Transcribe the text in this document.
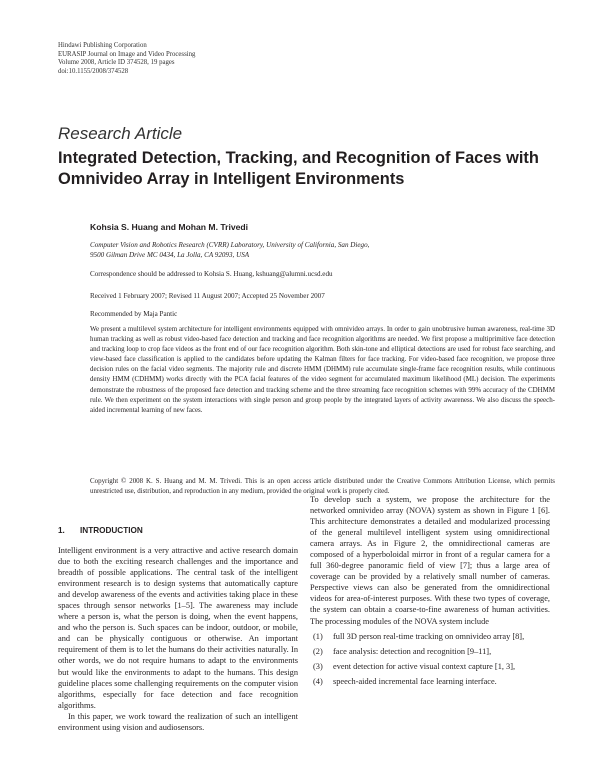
Hindawi Publishing Corporation
EURASIP Journal on Image and Video Processing
Volume 2008, Article ID 374528, 19 pages
doi:10.1155/2008/374528
Research Article
Integrated Detection, Tracking, and Recognition of Faces with
Omnivideo Array in Intelligent Environments
Kohsia S. Huang and Mohan M. Trivedi
Computer Vision and Robotics Research (CVRR) Laboratory, University of California, San Diego,
9500 Gilman Drive MC 0434, La Jolla, CA 92093, USA
Correspondence should be addressed to Kohsia S. Huang, kshuang@alumni.ucsd.edu
Received 1 February 2007; Revised 11 August 2007; Accepted 25 November 2007
Recommended by Maja Pantic

We present a multilevel system architecture for intelligent environments equipped with omnivideo arrays. In order to gain unobtrusive human awareness, real-time 3D human tracking as well as robust video-based face detection and tracking and face recognition algorithms are needed. We first propose a multiprimitive face detection and tracking loop to crop face videos as the front end of our face recognition algorithm. Both skin-tone and elliptical detections are used for robust face searching, and view-based face classification is applied to the candidates before updating the Kalman filters for face tracking. For video-based face recognition, we propose three decision rules on the facial video segments. The majority rule and discrete HMM (DHMM) rule accumulate single-frame face recognition results, while continuous density HMM (CDHMM) works directly with the PCA facial features of the video segment for accumulated maximum likelihood (ML) decision. The experiments demonstrate the robustness of the proposed face detection and tracking scheme and the three streaming face recognition schemes with 99% accuracy of the CDHMM rule. We then experiment on the system interactions with single person and group people by the integrated layers of activity awareness. We also discuss the speech-aided incremental learning of new faces.

Copyright © 2008 K. S. Huang and M. M. Trivedi. This is an open access article distributed under the Creative Commons Attribution License, which permits unrestricted use, distribution, and reproduction in any medium, provided the original work is properly cited.

1. INTRODUCTION

Intelligent environment is a very attractive and active research domain due to both the exciting research challenges and the importance and breadth of possible applications. The central task of the intelligent environment research is to design systems that automatically capture and develop awareness of the events and activities taking place in these spaces through sensor networks [1–5]. The awareness may include where a person is, what the person is doing, when the event happens, and who the person is. Such spaces can be indoor, outdoor, or mobile, and can be physically contiguous or otherwise. An important requirement of them is to let the humans do their activities naturally. In other words, we do not require humans to adapt to the environments but would like the environments to adapt to the humans. This design guideline places some challenging requirements on the computer vision algorithms, especially for face detection and face recognition algorithms.

In this paper, we work toward the realization of such an intelligent environment using vision and audiosensors.

To develop such a system, we propose the architecture for the networked omnivideo array (NOVA) system as shown in Figure 1 [6]. This architecture demonstrates a detailed and modularized processing of the general multilevel intelligent system using omnidirectional camera arrays. As in Figure 2, the omnidirectional cameras are composed of a hyperboloidal mirror in front of a regular camera for a full 360-degree panoramic field of view [7]; thus a large area of coverage can be provided by a relatively small number of cameras. Perspective views can also be generated from the omnidirectional videos for area-of-interest purposes. With these two types of coverage, the system can obtain a coarse-to-fine awareness of human activities. The processing modules of the NOVA system include

(1) full 3D person real-time tracking on omnivideo array [8],
(2) face analysis: detection and recognition [9–11],
(3) event detection for active visual context capture [1, 3],
(4) speech-aided incremental face learning interface.
